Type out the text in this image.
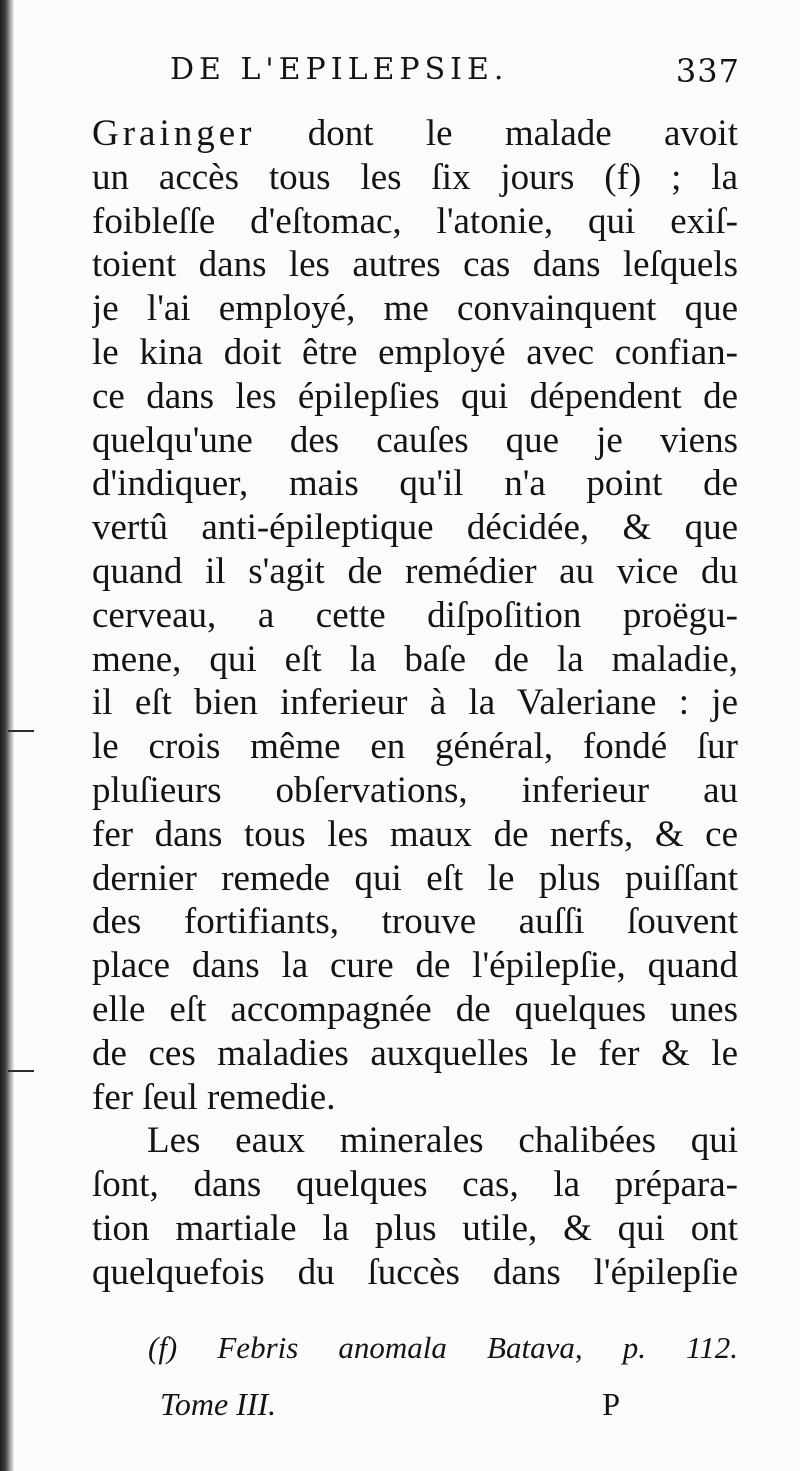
DE L'EPILEPSIE.	337
Grainger dont le malade avoit
un accès tous les ſix jours (f) ; la
foibleſſe d'eſtomac, l'atonie, qui exiſ-
toient dans les autres cas dans leſquels
je l'ai employé, me convainquent que
le kina doit être employé avec confian-
ce dans les épilepſies qui dépendent de
quelqu'une des cauſes que je viens
d'indiquer, mais qu'il n'a point de
vertû anti-épileptique décidée, & que
quand il s'agit de remédier au vice du
cerveau, a cette diſpoſition proëgu-
mene, qui eſt la baſe de la maladie,
il eſt bien inferieur à la Valeriane : je
le crois même en général, fondé ſur
pluſieurs obſervations, inferieur au
fer dans tous les maux de nerfs, & ce
dernier remede qui eſt le plus puiſſant
des fortifiants, trouve auſſi ſouvent
place dans la cure de l'épilepſie, quand
elle eſt accompagnée de quelques unes
de ces maladies auxquelles le fer & le
fer ſeul remedie.
Les eaux minerales chalibées qui
ſont, dans quelques cas, la prépara-
tion martiale la plus utile, & qui ont
quelquefois du ſuccès dans l'épilepſie
(f) Febris anomala Batava, p. 112.
Tome III.	P
